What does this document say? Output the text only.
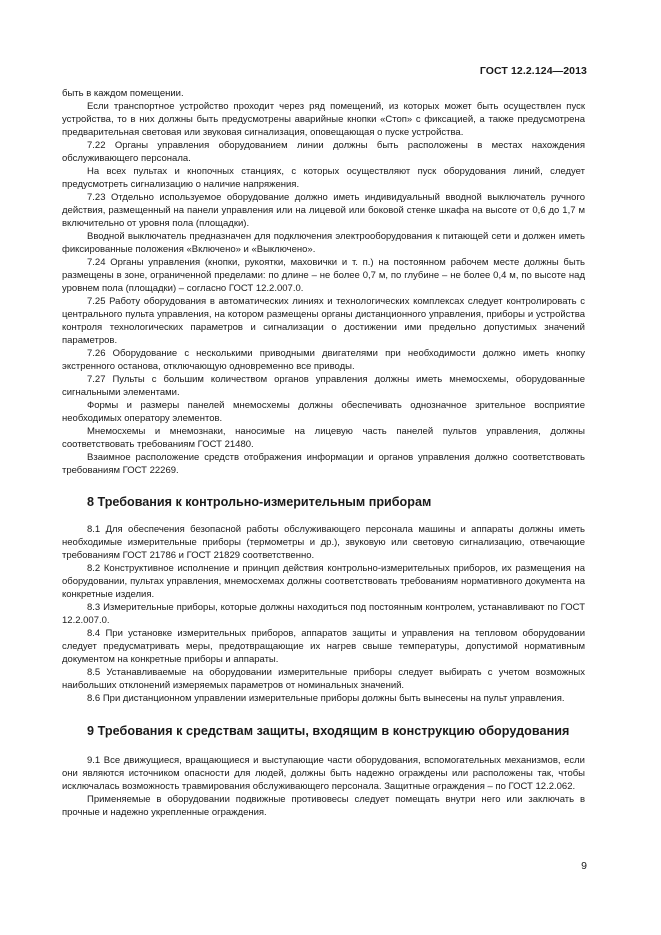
ГОСТ 12.2.124—2013

быть в каждом помещении.

Если транспортное устройство проходит через ряд помещений, из которых может быть осуществлен пуск устройства, то в них должны быть предусмотрены аварийные кнопки «Стоп» с фиксацией, а также предусмотрена предварительная световая или звуковая сигнализация, оповещающая о пуске устройства.

7.22 Органы управления оборудованием линии должны быть расположены в местах нахождения обслуживающего персонала.

На всех пультах и кнопочных станциях, с которых осуществляют пуск оборудования линий, следует предусмотреть сигнализацию о наличие напряжения.

7.23 Отдельно используемое оборудование должно иметь индивидуальный вводной выключатель ручного действия, размещенный на панели управления или на лицевой или боковой стенке шкафа на высоте от 0,6 до 1,7 м включительно от уровня пола (площадки).

Вводной выключатель предназначен для подключения электрооборудования к питающей сети и должен иметь фиксированные положения «Включено» и «Выключено».

7.24 Органы управления (кнопки, рукоятки, маховички и т. п.) на постоянном рабочем месте должны быть размещены в зоне, ограниченной пределами: по длине – не более 0,7 м, по глубине – не более 0,4 м, по высоте над уровнем пола (площадки) – согласно ГОСТ 12.2.007.0.

7.25 Работу оборудования в автоматических линиях и технологических комплексах следует контролировать с центрального пульта управления, на котором размещены органы дистанционного управления, приборы и устройства контроля технологических параметров и сигнализации о достижении ими предельно допустимых значений параметров.

7.26 Оборудование с несколькими приводными двигателями при необходимости должно иметь кнопку экстренного останова, отключающую одновременно все приводы.

7.27 Пульты с большим количеством органов управления должны иметь мнемосхемы, оборудованные сигнальными элементами.

Формы и размеры панелей мнемосхемы должны обеспечивать однозначное зрительное восприятие необходимых оператору элементов.

Мнемосхемы и мнемознаки, наносимые на лицевую часть панелей пультов управления, должны соответствовать требованиям ГОСТ 21480.

Взаимное расположение средств отображения информации и органов управления должно соответствовать требованиям ГОСТ 22269.

8 Требования к контрольно-измерительным приборам

8.1 Для обеспечения безопасной работы обслуживающего персонала машины и аппараты должны иметь необходимые измерительные приборы (термометры и др.), звуковую или световую сигнализацию, отвечающие требованиям ГОСТ 21786 и ГОСТ 21829 соответственно.

8.2 Конструктивное исполнение и принцип действия контрольно-измерительных приборов, их размещения на оборудовании, пультах управления, мнемосхемах должны соответствовать требованиям нормативного документа на конкретные изделия.

8.3 Измерительные приборы, которые должны находиться под постоянным контролем, устанавливают по ГОСТ 12.2.007.0.

8.4 При установке измерительных приборов, аппаратов защиты и управления на тепловом оборудовании следует предусматривать меры, предотвращающие их нагрев свыше температуры, допустимой нормативным документом на конкретные приборы и аппараты.

8.5 Устанавливаемые на оборудовании измерительные приборы следует выбирать с учетом возможных наибольших отклонений измеряемых параметров от номинальных значений.

8.6 При дистанционном управлении измерительные приборы должны быть вынесены на пульт управления.

9 Требования к средствам защиты, входящим в конструкцию оборудования

9.1 Все движущиеся, вращающиеся и выступающие части оборудования, вспомогательных механизмов, если они являются источником опасности для людей, должны быть надежно ограждены или расположены так, чтобы исключалась возможность травмирования обслуживающего персонала. Защитные ограждения – по ГОСТ 12.2.062.

Применяемые в оборудовании подвижные противовесы следует помещать внутри него или заключать в прочные и надежно укрепленные ограждения.

9
